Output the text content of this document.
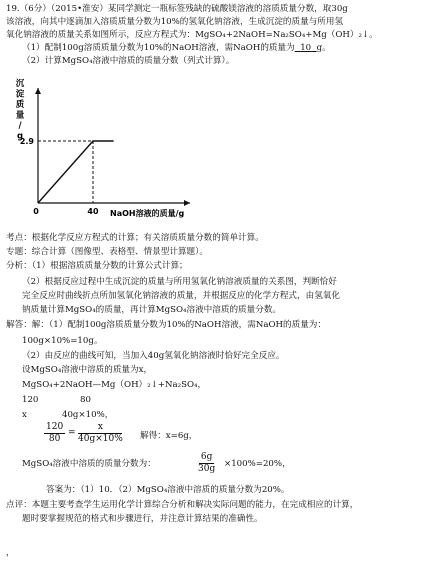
19.（6分）（2015•淮安）某同学测定一瓶标签残缺的硫酸镁溶液的溶质质量分数，取30g
该溶液，向其中逐滴加入溶质质量分数为10%的氢氧化钠溶液，生成沉淀的质量与所用氢
氧化钠溶液的质量关系如图所示，反应方程式为：MgSO₄+2NaOH=Na₂SO₄+Mg（OH）₂↓。
（1）配制100g溶质质量分数为10%的NaOH溶液，需NaOH的质量为 10 g。
（2）计算MgSO₄溶液中溶质的质量分数（列式计算）。
沉淀质量/ g
2.9
40
0	NaOH溶液的质量/g
考点：根据化学反应方程式的计算；有关溶质质量分数的简单计算。
专题：综合计算（图像型、表格型、情景型计算题）。
分析：（1）根据溶质质量分数的计算公式计算；
（2）根据反应过程中生成沉淀的质量与所用氢氧化钠溶液质量的关系图，判断恰好
完全反应时曲线折点所加氢氧化钠溶液的质量，并根据反应的化学方程式，由氢氧化
钠质量计算MgSO₄的质量，再计算MgSO₄溶液中溶质的质量分数。
解答：解：（1）配制100g溶质质量分数为10%的NaOH溶液，需NaOH的质量为：
100g×10%=10g。
（2）由反应的曲线可知，当加入40g氢氧化钠溶液时恰好完全反应。
设MgSO₄溶液中溶质的质量为x，
MgSO₄+2NaOH—Mg（OH）₂↓+Na₂SO₄，
120	80
x	40g×10%，
$\frac{120}{80} = \frac{x}{40g\times 10\%}$ 解得：x=6g，
MgSO₄溶液中溶质的质量分数为：	$\frac{6g}{30g} \times 100\%=20\%$，
答案为：（1）10．（2）MgSO₄溶液中溶质的质量分数为20%。
点评：本题主要考查学生运用化学计算综合分析和解决实际问题的能力，在完成相应的计算，
题时要掌握规范的格式和步骤进行，并注意计算结果的准确性。
，
